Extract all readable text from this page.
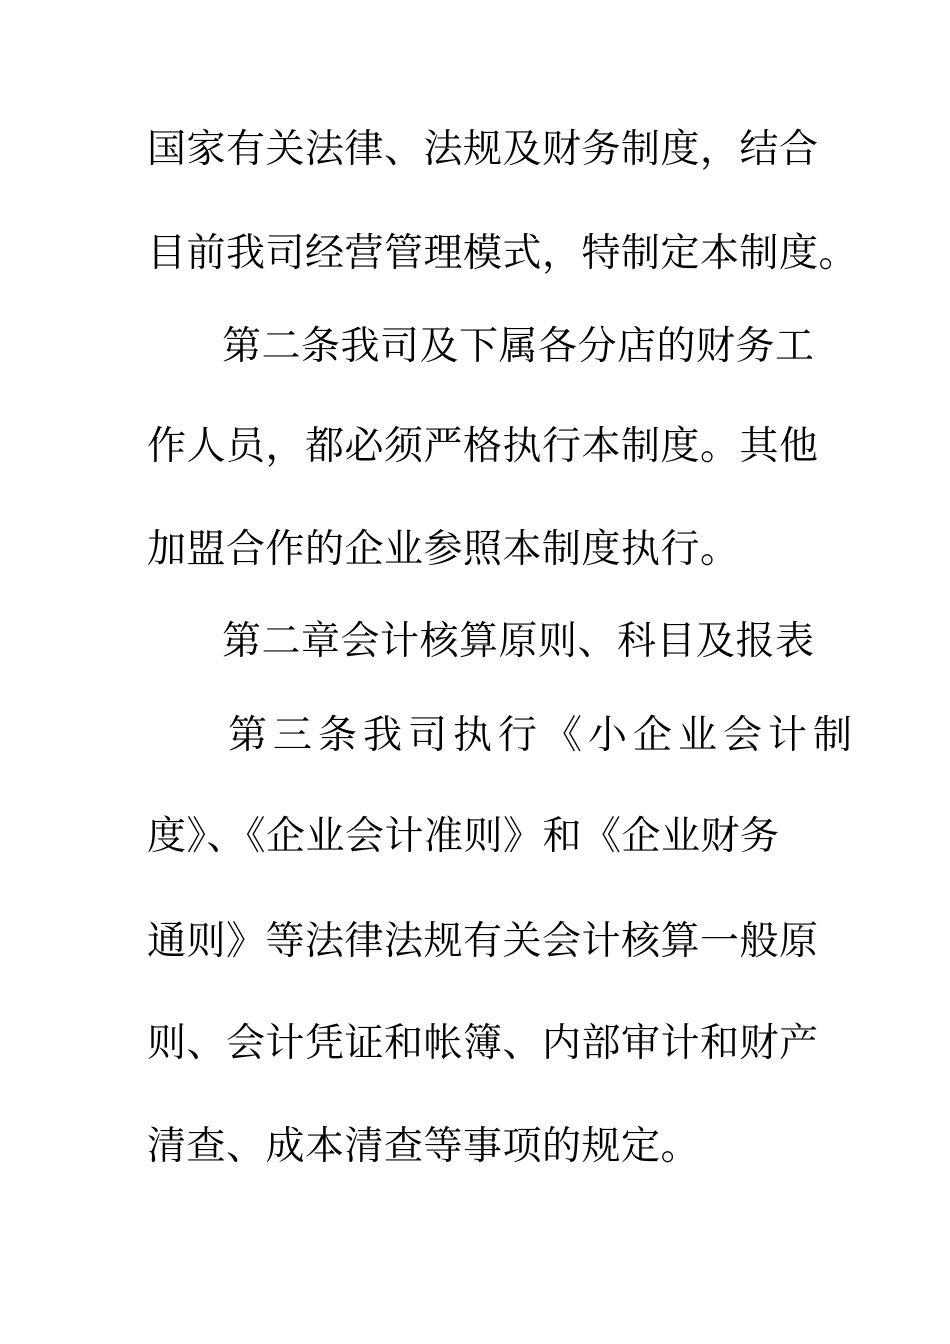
国家有关法律、法规及财务制度，结合
目前我司经营管理模式，特制定本制度。
第二条我司及下属各分店的财务工
作人员，都必须严格执行本制度。其他
加盟合作的企业参照本制度执行。
第二章会计核算原则、科目及报表
第三条我司执行《小企业会计制
度》、《企业会计准则》和《企业财务
通则》等法律法规有关会计核算一般原
则、会计凭证和帐簿、内部审计和财产
清查、成本清查等事项的规定。
